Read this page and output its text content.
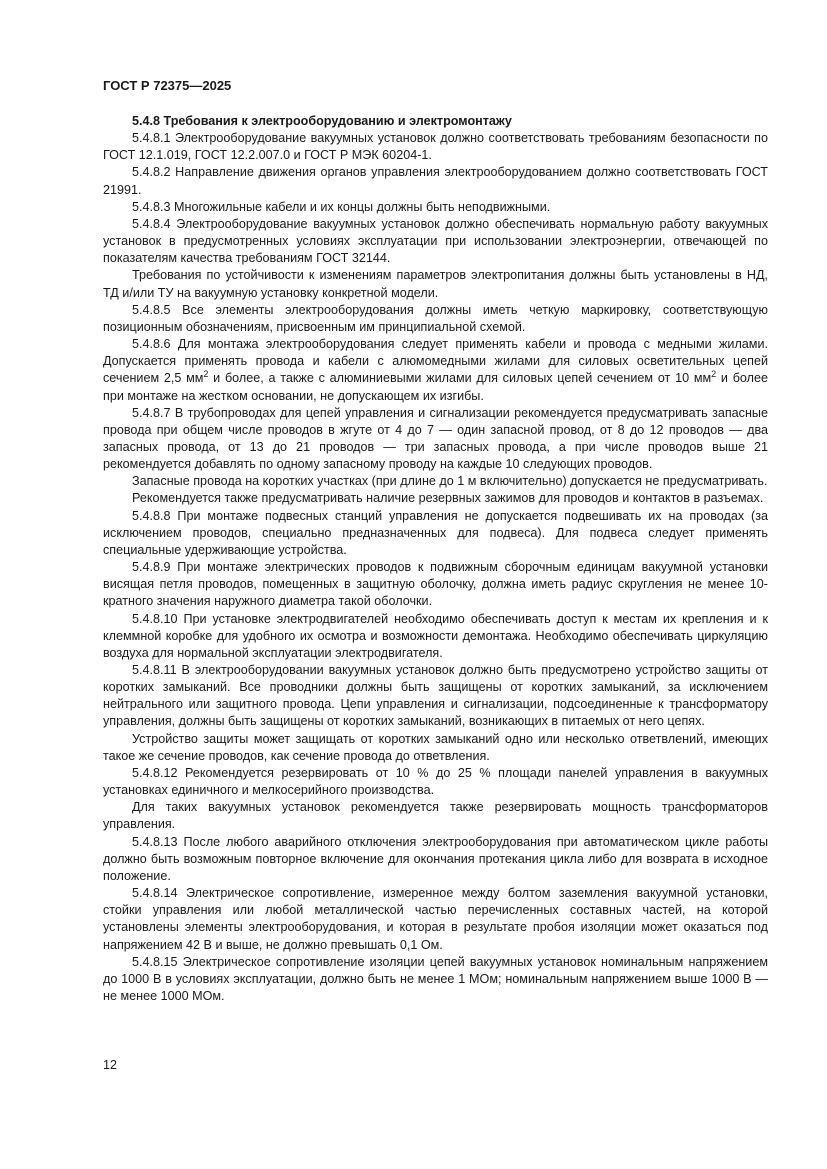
ГОСТ Р 72375—2025

5.4.8 Требования к электрооборудованию и электромонтажу

5.4.8.1 Электрооборудование вакуумных установок должно соответствовать требованиям безопасности по ГОСТ 12.1.019, ГОСТ 12.2.007.0 и ГОСТ Р МЭК 60204-1.

5.4.8.2 Направление движения органов управления электрооборудованием должно соответствовать ГОСТ 21991.

5.4.8.3 Многожильные кабели и их концы должны быть неподвижными.

5.4.8.4 Электрооборудование вакуумных установок должно обеспечивать нормальную работу вакуумных установок в предусмотренных условиях эксплуатации при использовании электроэнергии, отвечающей по показателям качества требованиям ГОСТ 32144.

Требования по устойчивости к изменениям параметров электропитания должны быть установлены в НД, ТД и/или ТУ на вакуумную установку конкретной модели.

5.4.8.5 Все элементы электрооборудования должны иметь четкую маркировку, соответствующую позиционным обозначениям, присвоенным им принципиальной схемой.

5.4.8.6 Для монтажа электрооборудования следует применять кабели и провода с медными жилами. Допускается применять провода и кабели с алюмомедными жилами для силовых осветительных цепей сечением 2,5 $мм^2$ и более, а также с алюминиевыми жилами для силовых цепей сечением от 10 $мм^2$ и более при монтаже на жестком основании, не допускающем их изгибы.

5.4.8.7 В трубопроводах для цепей управления и сигнализации рекомендуется предусматривать запасные провода при общем числе проводов в жгуте от 4 до 7 — один запасной провод, от 8 до 12 проводов — два запасных провода, от 13 до 21 проводов — три запасных провода, а при числе проводов выше 21 рекомендуется добавлять по одному запасному проводу на каждые 10 следующих проводов.

Запасные провода на коротких участках (при длине до 1 м включительно) допускается не предусматривать.

Рекомендуется также предусматривать наличие резервных зажимов для проводов и контактов в разъемах.

5.4.8.8 При монтаже подвесных станций управления не допускается подвешивать их на проводах (за исключением проводов, специально предназначенных для подвеса). Для подвеса следует применять специальные удерживающие устройства.

5.4.8.9 При монтаже электрических проводов к подвижным сборочным единицам вакуумной установки висящая петля проводов, помещенных в защитную оболочку, должна иметь радиус скругления не менее 10-кратного значения наружного диаметра такой оболочки.

5.4.8.10 При установке электродвигателей необходимо обеспечивать доступ к местам их крепления и к клеммной коробке для удобного их осмотра и возможности демонтажа. Необходимо обеспечивать циркуляцию воздуха для нормальной эксплуатации электродвигателя.

5.4.8.11 В электрооборудовании вакуумных установок должно быть предусмотрено устройство защиты от коротких замыканий. Все проводники должны быть защищены от коротких замыканий, за исключением нейтрального или защитного провода. Цепи управления и сигнализации, подсоединенные к трансформатору управления, должны быть защищены от коротких замыканий, возникающих в питаемых от него цепях.

Устройство защиты может защищать от коротких замыканий одно или несколько ответвлений, имеющих такое же сечение проводов, как сечение провода до ответвления.

5.4.8.12 Рекомендуется резервировать от 10 % до 25 % площади панелей управления в вакуумных установках единичного и мелкосерийного производства.

Для таких вакуумных установок рекомендуется также резервировать мощность трансформаторов управления.

5.4.8.13 После любого аварийного отключения электрооборудования при автоматическом цикле работы должно быть возможным повторное включение для окончания протекания цикла либо для возврата в исходное положение.

5.4.8.14 Электрическое сопротивление, измеренное между болтом заземления вакуумной установки, стойки управления или любой металлической частью перечисленных составных частей, на которой установлены элементы электрооборудования, и которая в результате пробоя изоляции может оказаться под напряжением 42 В и выше, не должно превышать 0,1 Ом.

5.4.8.15 Электрическое сопротивление изоляции цепей вакуумных установок номинальным напряжением до 1000 В в условиях эксплуатации, должно быть не менее 1 МОм; номинальным напряжением выше 1000 В — не менее 1000 МОм.

12
